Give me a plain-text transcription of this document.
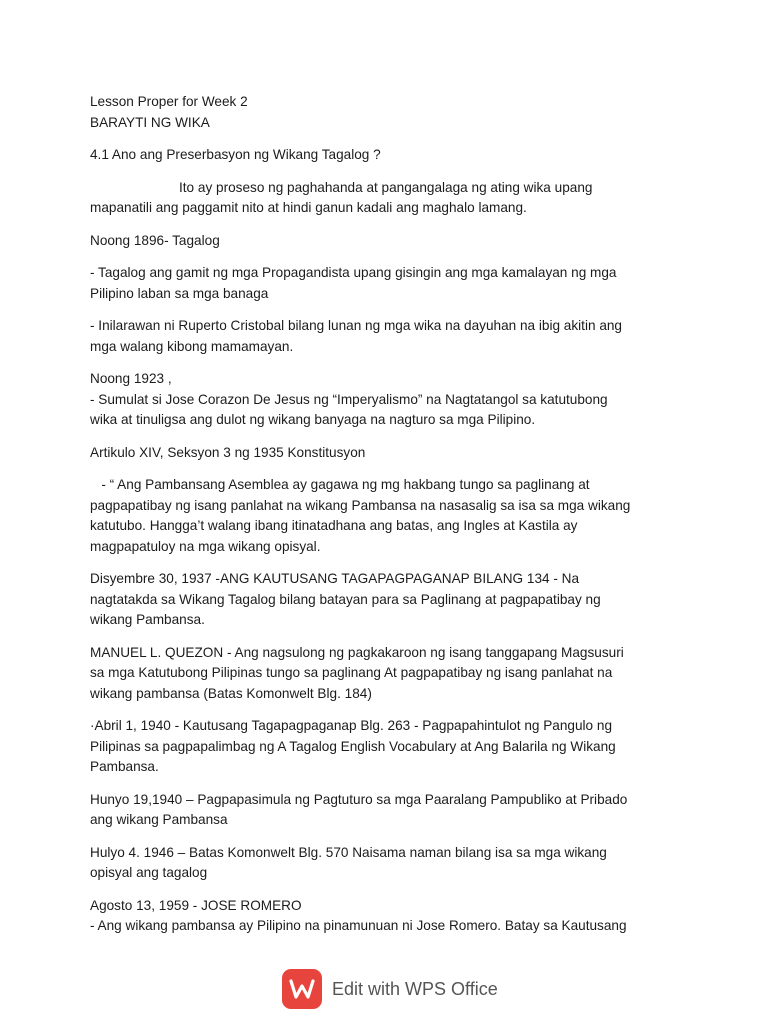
Lesson Proper for Week 2
BARAYTI NG WIKA

4.1 Ano ang Preserbasyon ng Wikang Tagalog ?

Ito ay proseso ng paghahanda at pangangalaga ng ating wika upang
mapanatili ang paggamit nito at hindi ganun kadali ang maghalo lamang.

Noong 1896- Tagalog

- Tagalog ang gamit ng mga Propagandista upang gisingin ang mga kamalayan ng mga
Pilipino laban sa mga banaga

- Inilarawan ni Ruperto Cristobal bilang lunan ng mga wika na dayuhan na ibig akitin ang
mga walang kibong mamamayan.

Noong 1923 ,
- Sumulat si Jose Corazon De Jesus ng “Imperyalismo” na Nagtatangol sa katutubong
wika at tinuligsa ang dulot ng wikang banyaga na nagturo sa mga Pilipino.

Artikulo XIV, Seksyon 3 ng 1935 Konstitusyon

- “ Ang Pambansang Asemblea ay gagawa ng mg hakbang tungo sa paglinang at
pagpapatibay ng isang panlahat na wikang Pambansa na nasasalig sa isa sa mga wikang
katutubo. Hangga’t walang ibang itinatadhana ang batas, ang Ingles at Kastila ay
magpapatuloy na mga wikang opisyal.

Disyembre 30, 1937 -ANG KAUTUSANG TAGAPAGPAGANAP BILANG 134 - Na
nagtatakda sa Wikang Tagalog bilang batayan para sa Paglinang at pagpapatibay ng
wikang Pambansa.

MANUEL L. QUEZON - Ang nagsulong ng pagkakaroon ng isang tanggapang Magsusuri
sa mga Katutubong Pilipinas tungo sa paglinang At pagpapatibay ng isang panlahat na
wikang pambansa (Batas Komonwelt Blg. 184)

·Abril 1, 1940 - Kautusang Tagapagpaganap Blg. 263 - Pagpapahintulot ng Pangulo ng
Pilipinas sa pagpapalimbag ng A Tagalog English Vocabulary at Ang Balarila ng Wikang
Pambansa.

Hunyo 19,1940 – Pagpapasimula ng Pagtuturo sa mga Paaralang Pampubliko at Pribado
ang wikang Pambansa

Hulyo 4. 1946 – Batas Komonwelt Blg. 570 Naisama naman bilang isa sa mga wikang
opisyal ang tagalog

Agosto 13, 1959 - JOSE ROMERO
- Ang wikang pambansa ay Pilipino na pinamunuan ni Jose Romero. Batay sa Kautusang

Edit with WPS Office
